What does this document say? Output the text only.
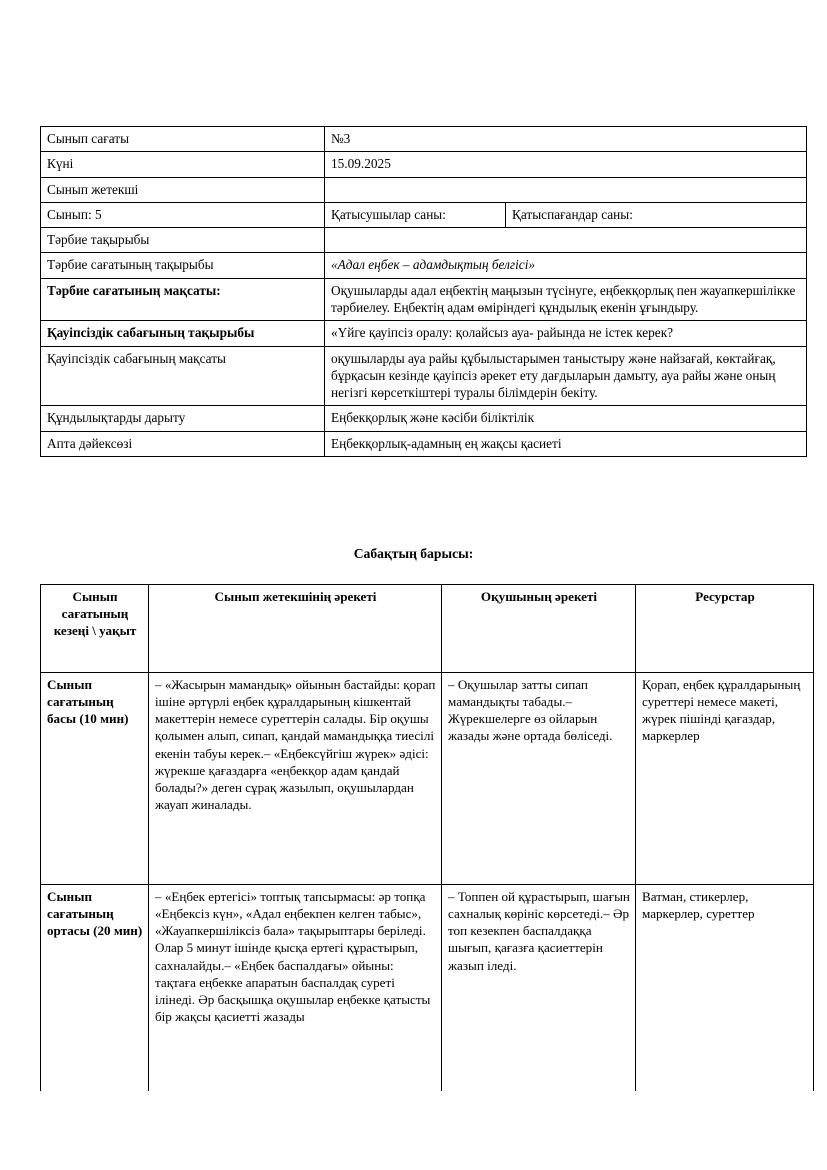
Сынып сағаты	№3
Күні	15.09.2025
Сынып жетекші	
Сынып: 5	Қатысушылар саны: Қатыспағандар саны:

Тәрбие тақырыбы	
Тәрбие сағатының тақырыбы	«Адал еңбек – адамдықтың белгісі»
Тәрбие сағатының мақсаты:	Оқушыларды адал еңбектің маңызын түсінуге, еңбекқорлық пен жауапкершілікке тәрбиелеу. Еңбектің адам өміріндегі құндылық екенін ұғындыру.
Қауіпсіздік сабағының тақырыбы	«Үйге қауіпсіз оралу: қолайсыз ауа- райында не істек керек?
Қауіпсіздік сабағының мақсаты	оқушыларды ауа райы құбылыстарымен таныстыру және найзағай, көктайғақ, бұрқасын кезінде қауіпсіз әрекет ету дағдыларын дамыту, ауа райы және оның негізгі көрсеткіштері туралы білімдерін бекіту.
Құндылықтарды дарыту	Еңбекқорлық және кәсіби біліктілік
Апта дәйексөзі	Еңбекқорлық-адамның ең жақсы қасиеті
Сабақтың барысы:
Сынып сағатының кезеңі \ уақыт	Сынып жетекшінің әрекеті	Оқушының әрекеті	Ресурстар
Сынып сағатының басы (10 мин)	– «Жасырын мамандық» ойынын бастайды: қорап ішіне әртүрлі еңбек құралдарының кішкентай макеттерін немесе суреттерін салады. Бір оқушы қолымен алып, сипап, қандай мамандыққа тиесілі екенін табуы керек.– «Еңбексүйгіш жүрек» әдісі: жүрекше қағаздарға «еңбекқор адам қандай болады?» деген сұрақ жазылып, оқушылардан жауап жиналады.	– Оқушылар затты сипап мамандықты табады.– Жүрекшелерге өз ойларын жазады және ортада бөліседі.	Қорап, еңбек құралдарының суреттері немесе макеті, жүрек пішінді қағаздар, маркерлер
Сынып сағатының ортасы (20 мин)	– «Еңбек ертегісі» топтық тапсырмасы: әр топқа «Еңбексіз күн», «Адал еңбекпен келген табыс», «Жауапкершіліксіз бала» тақырыптары беріледі. Олар 5 минут ішінде қысқа ертегі құрастырып, сахналайды.– «Еңбек баспалдағы» ойыны: тақтаға еңбекке апаратын баспалдақ суреті ілінеді. Әр басқышқа оқушылар еңбекке қатысты бір жақсы қасиетті жазады	– Топпен ой құрастырып, шағын сахналық көрініс көрсетеді.– Әр топ кезекпен баспалдаққа шығып, қағазға қасиеттерін жазып іледі.	Ватман, стикерлер, маркерлер, суреттер
